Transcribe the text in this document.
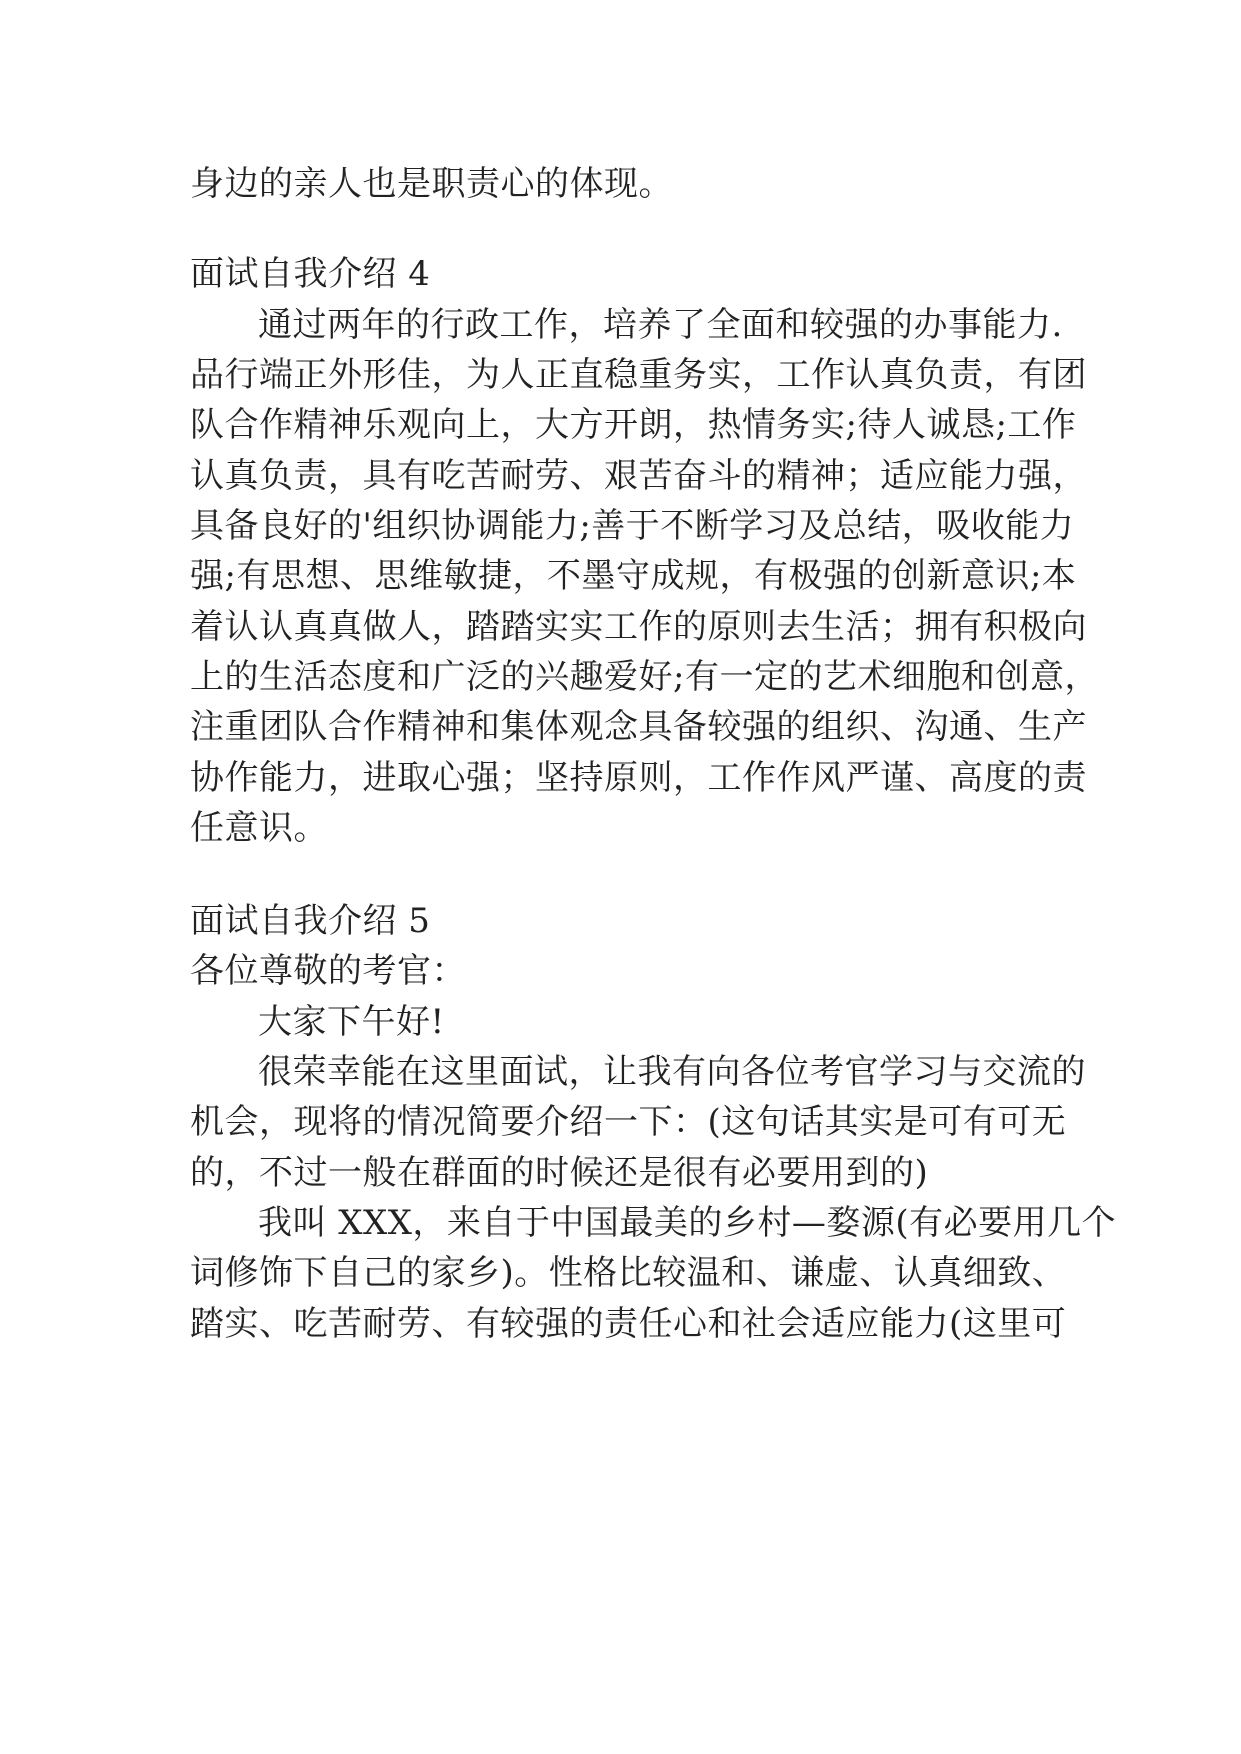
身边的亲人也是职责心的体现。

面试自我介绍 4

通过两年的行政工作，培养了全面和较强的办事能力.

品行端正外形佳，为人正直稳重务实，工作认真负责，有团

队合作精神乐观向上，大方开朗，热情务实;待人诚恳;工作

认真负责，具有吃苦耐劳、艰苦奋斗的精神；适应能力强，

具备良好的'组织协调能力;善于不断学习及总结，吸收能力

强;有思想、思维敏捷，不墨守成规，有极强的创新意识;本

着认认真真做人，踏踏实实工作的原则去生活；拥有积极向

上的生活态度和广泛的兴趣爱好;有一定的艺术细胞和创意，

注重团队合作精神和集体观念具备较强的组织、沟通、生产

协作能力，进取心强；坚持原则，工作作风严谨、高度的责

任意识。

面试自我介绍 5

各位尊敬的考官：

大家下午好!

很荣幸能在这里面试，让我有向各位考官学习与交流的

机会，现将的情况简要介绍一下：(这句话其实是可有可无

的，不过一般在群面的时候还是很有必要用到的)

我叫 XXX，来自于中国最美的乡村—婺源(有必要用几个

词修饰下自己的家乡)。性格比较温和、谦虚、认真细致、

踏实、吃苦耐劳、有较强的责任心和社会适应能力(这里可
